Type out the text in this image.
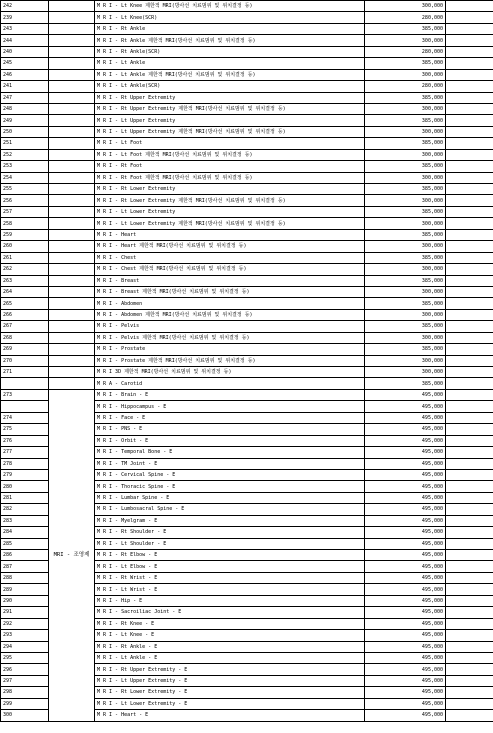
242		M R I - Lt Knee 제한적 MRI(방사선 치료범위 및 위치결정 등)	300,000	
239		M R I - Lt Knee(SCR)	280,000	
243		M R I - Rt Ankle	385,000	
244		M R I - Rt Ankle 제한적 MRI(방사선 치료범위 및 위치결정 등)	300,000	
240		M R I - Rt Ankle(SCR)	280,000	
245		M R I - Lt Ankle	385,000	
246		M R I - Lt Ankle 제한적 MRI(방사선 치료범위 및 위치결정 등)	300,000	
241		M R I - Lt Ankle(SCR)	280,000	
247		M R I - Rt Upper Extremity	385,000	
248		M R I - Rt Upper Extremity 제한적 MRI(방사선 치료범위 및 위치결정 등)	300,000	
249		M R I - Lt Upper Extremity	385,000	
250		M R I - Lt Upper Extremity 제한적 MRI(방사선 치료범위 및 위치결정 등)	300,000	
251		M R I - Lt Foot	385,000	
252		M R I - Lt Foot 제한적 MRI(방사선 치료범위 및 위치결정 등)	300,000	
253		M R I - Rt Foot	385,000	
254		M R I - Rt Foot 제한적 MRI(방사선 치료범위 및 위치결정 등)	300,000	
255		M R I - Rt Lower Extremity	385,000	
256		M R I - Rt Lower Extremity 제한적 MRI(방사선 치료범위 및 위치결정 등)	300,000	
257		M R I - Lt Lower Extremity	385,000	
258		M R I - Lt Lower Extremity 제한적 MRI(방사선 치료범위 및 위치결정 등)	300,000	
259		M R I - Heart	385,000	
260		M R I - Heart 제한적 MRI(방사선 치료범위 및 위치결정 등)	300,000	
261		M R I - Chest	385,000	
262		M R I - Chest 제한적 MRI(방사선 치료범위 및 위치결정 등)	300,000	
263		M R I - Breast	385,000	
264		M R I - Breast 제한적 MRI(방사선 치료범위 및 위치결정 등)	300,000	
265		M R I - Abdomen	385,000	
266		M R I - Abdomen 제한적 MRI(방사선 치료범위 및 위치결정 등)	300,000	
267		M R I - Pelvis	385,000	
268		M R I - Pelvis 제한적 MRI(방사선 치료범위 및 위치결정 등)	300,000	
269		M R I - Prostate	385,000	
270		M R I - Prostate 제한적 MRI(방사선 치료범위 및 위치결정 등)	300,000	
271		M R I 3D 제한적 MRI(방사선 치료범위 및 위치결정 등)	300,000	
		M R A - Carotid	385,000	
273	MRI - 조영제	M R I - Brain - E	495,000	
		M R I - Hippocampus - E	495,000	
274		M R I - Face - E	495,000	
275		M R I - PNS - E	495,000	
276		M R I - Orbit - E	495,000	
277		M R I - Temporal Bone - E	495,000	
278		M R I - TM Joint - E	495,000	
279		M R I - Cervical Spine - E	495,000	
280		M R I - Thoracic Spine - E	495,000	
281		M R I - Lumbar Spine - E	495,000	
282		M R I - Lumbosacral Spine - E	495,000	
283		M R I - Myelgram - E	495,000	
284		M R I - Rt Shoulder - E	495,000	
285		M R I - Lt Shoulder - E	495,000	
286		M R I - Rt Elbow - E	495,000	
287		M R I - Lt Elbow - E	495,000	
288		M R I - Rt Wrist - E	495,000	
289		M R I - Lt Wrist - E	495,000	
290		M R I - Hip - E	495,000	
291		M R I - Sacroiliac Joint - E	495,000	
292		M R I - Rt Knee - E	495,000	
293		M R I - Lt Knee - E	495,000	
294		M R I - Rt Ankle - E	495,000	
295		M R I - Lt Ankle - E	495,000	
296		M R I - Rt Upper Extremity - E	495,000	
297		M R I - Lt Upper Extremity - E	495,000	
298		M R I - Rt Lower Extremity - E	495,000	
299		M R I - Lt Lower Extremity - E	495,000	
300		M R I - Heart - E	495,000	
